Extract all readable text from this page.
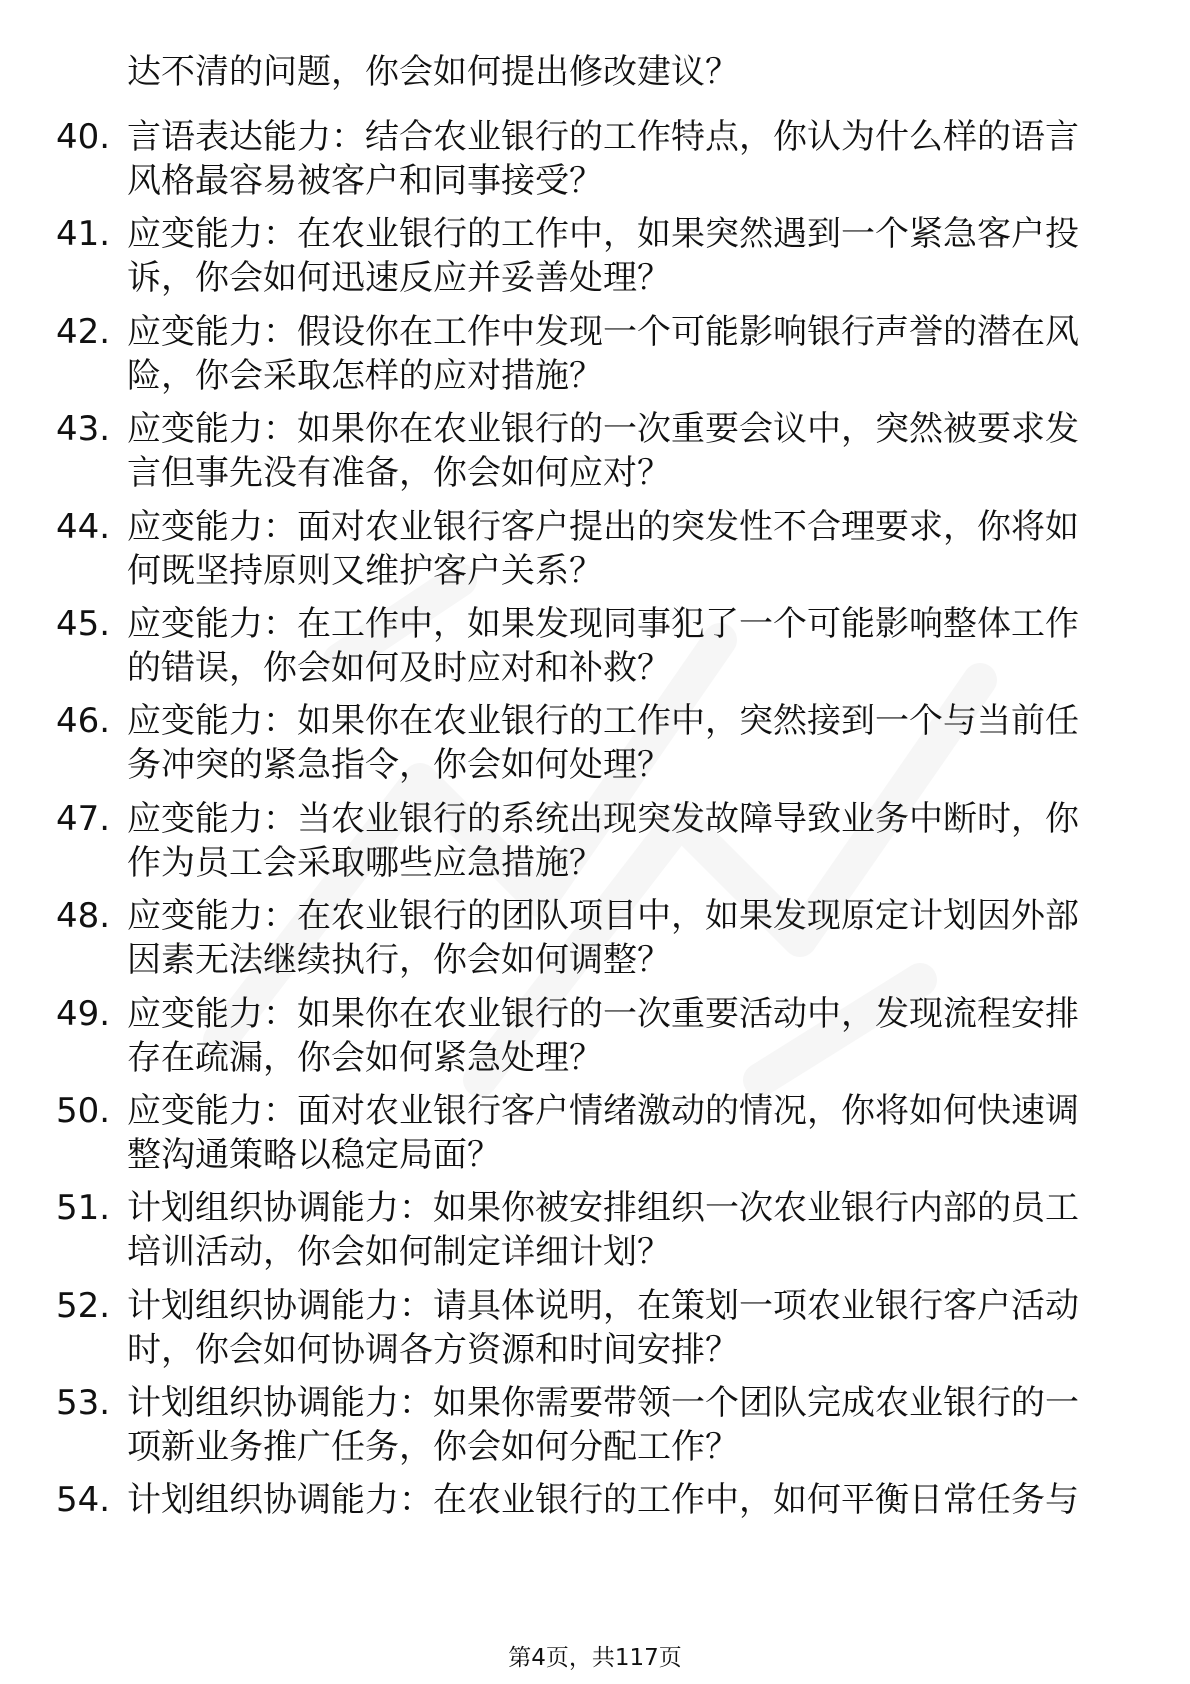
达不清的问题，你会如何提出修改建议？
40. 言语表达能力：结合农业银行的工作特点，你认为什么样的语言
风格最容易被客户和同事接受？
41. 应变能力：在农业银行的工作中，如果突然遇到一个紧急客户投
诉，你会如何迅速反应并妥善处理？
42. 应变能力：假设你在工作中发现一个可能影响银行声誉的潜在风
险，你会采取怎样的应对措施？
43. 应变能力：如果你在农业银行的一次重要会议中，突然被要求发
言但事先没有准备，你会如何应对？
44. 应变能力：面对农业银行客户提出的突发性不合理要求，你将如
何既坚持原则又维护客户关系？
45. 应变能力：在工作中，如果发现同事犯了一个可能影响整体工作
的错误，你会如何及时应对和补救？
46. 应变能力：如果你在农业银行的工作中，突然接到一个与当前任
务冲突的紧急指令，你会如何处理？
47. 应变能力：当农业银行的系统出现突发故障导致业务中断时，你
作为员工会采取哪些应急措施？
48. 应变能力：在农业银行的团队项目中，如果发现原定计划因外部
因素无法继续执行，你会如何调整？
49. 应变能力：如果你在农业银行的一次重要活动中，发现流程安排
存在疏漏，你会如何紧急处理？
50. 应变能力：面对农业银行客户情绪激动的情况，你将如何快速调
整沟通策略以稳定局面？
51. 计划组织协调能力：如果你被安排组织一次农业银行内部的员工
培训活动，你会如何制定详细计划？
52. 计划组织协调能力：请具体说明，在策划一项农业银行客户活动
时，你会如何协调各方资源和时间安排？
53. 计划组织协调能力：如果你需要带领一个团队完成农业银行的一
项新业务推广任务，你会如何分配工作？
54. 计划组织协调能力：在农业银行的工作中，如何平衡日常任务与
第4页，共117页
